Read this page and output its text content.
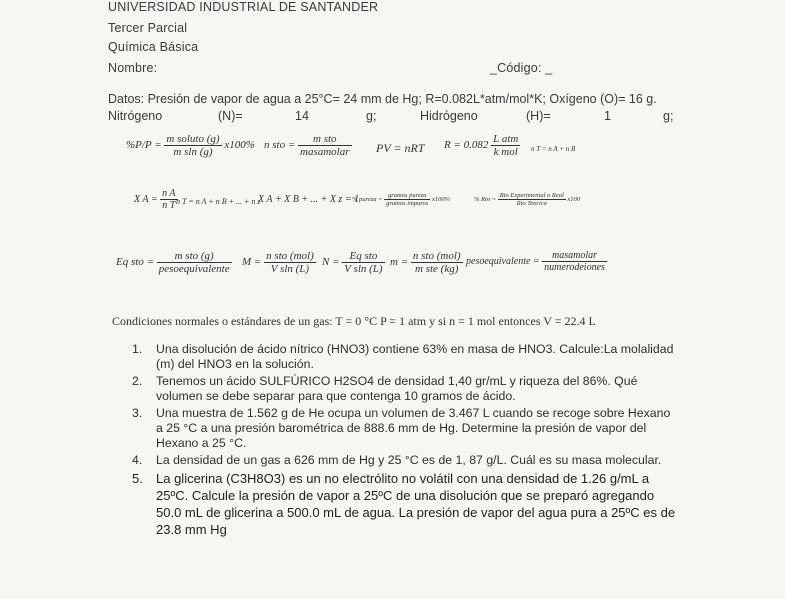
UNIVERSIDAD INDUSTRIAL DE SANTANDER
Tercer Parcial
Química Básica
Nombre:	_Código: _
Datos: Presión de vapor de agua a 25°C= 24 mm de Hg; R=0.082L*atm/mol*K; Oxígeno (O)= 16 g.
Nitrógeno	(N)=	14	g;	Hidrógeno	(H)=	1	g;
$\%P/P = \frac{\text{m soluto (g)}}{\text{m sln (g)}} x100\%$ n sto = $\frac{\text{m sto}}{\text{masamolar}}$ PV = nRT $R = 0.082 \frac{\text{L atm}}{\text{k mol}}$ n T = n A + n B
X $A = \frac{\text{n A}}{\text{n T}}$
n T = n A + n B + ... + n z
X A + X B + ... + X z = 1
% pureza = $\frac{\text{gramos pureza}}{\text{gramos impuros}} x100\%$	% Rto = $\frac{\text{Rto Experimental o Real}}{\text{Rto Teorico}} x100$
Eq sto = $\frac{\text{m sto (g)}}{\text{pesoequivalente}}$ $M = \frac{\text{n sto (mol)}}{\text{V sln (L)}}$ $N = \frac{\text{Eq sto}}{\text{V sln (L)}}$ $m = \frac{\text{n sto (mol)}}{\text{m ste (kg)}}$ pesoequivalente = $\frac{\text{masamolar}}{\text{numerodeiones}}$
Condiciones normales o estándares de un gas: T = 0 °C P = 1 atm y si n = 1 mol entonces V = 22.4 L
1.	Una disolución de ácido nítrico (HNO3) contiene 63% en masa de HNO3. Calcule:La molalidad (m) del HNO3 en la solución.
2.	Tenemos un ácido SULFÚRICO H2SO4 de densidad 1,40 gr/mL y riqueza del 86%. Qué volumen se debe separar para que contenga 10 gramos de ácido.
3.	Una muestra de 1.562 g de He ocupa un volumen de 3.467 L cuando se recoge sobre Hexano a 25 °C a una presión barométrica de 888.6 mm de Hg. Determine la presión de vapor del Hexano a 25 °C.
4.	La densidad de un gas a 626 mm de Hg y 25 °C es de 1, 87 g/L. Cuál es su masa molecular.
5.	La glicerina (C3H8O3) es un no electrólito no volátil con una densidad de 1.26 g/mL a 25ºC. Calcule la presión de vapor a 25ºC de una disolución que se preparó agregando 50.0 mL de glicerina a 500.0 mL de agua. La presión de vapor del agua pura a 25ºC es de 23.8 mm Hg
